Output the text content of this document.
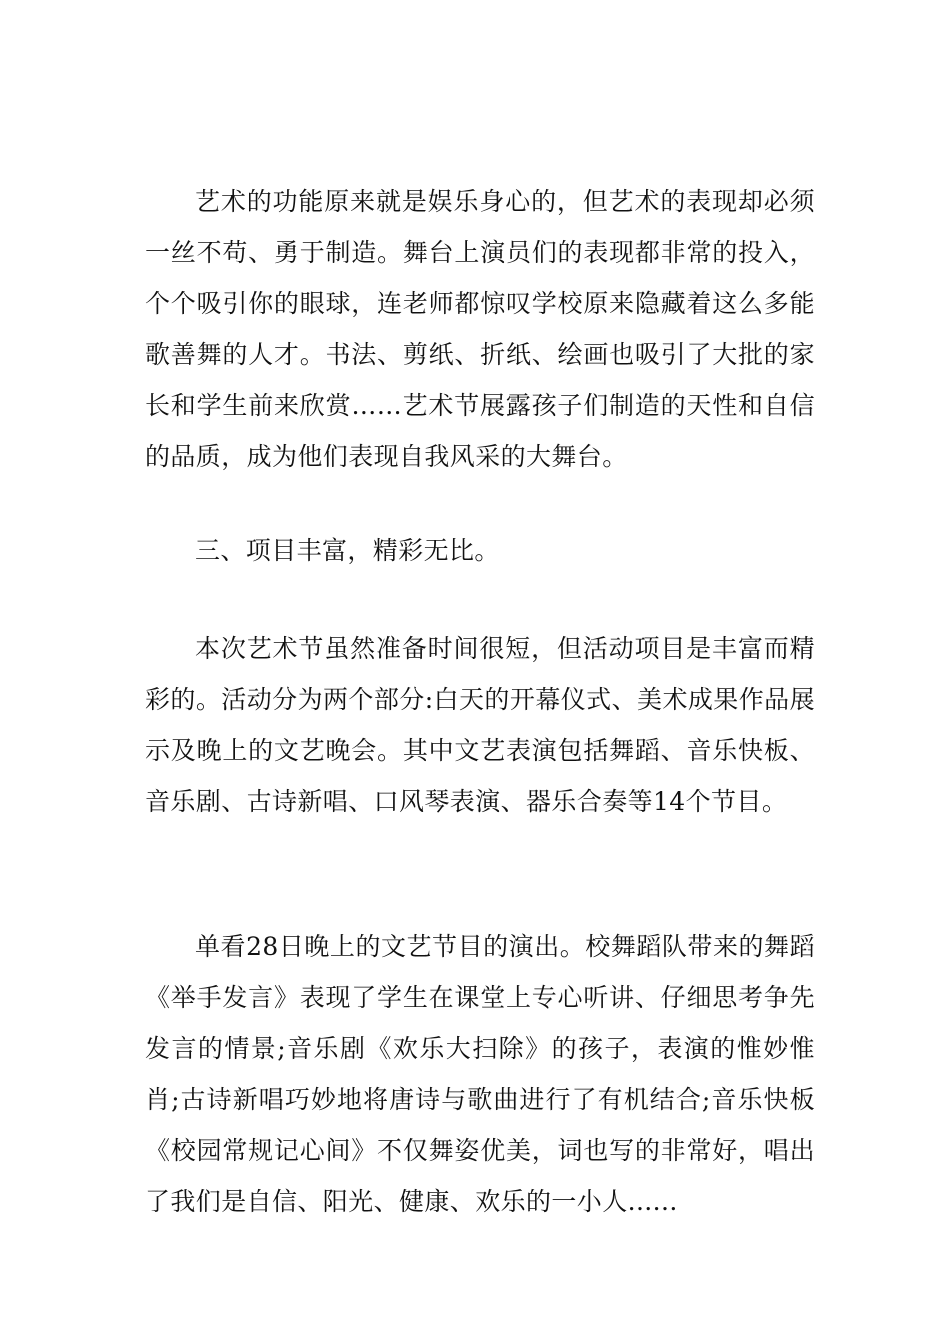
艺术的功能原来就是娱乐身心的，但艺术的表现却必须一丝不苟、勇于制造。舞台上演员们的表现都非常的投入，个个吸引你的眼球，连老师都惊叹学校原来隐藏着这么多能歌善舞的人才。书法、剪纸、折纸、绘画也吸引了大批的家长和学生前来欣赏……艺术节展露孩子们制造的天性和自信的品质，成为他们表现自我风采的大舞台。

三、项目丰富，精彩无比。

本次艺术节虽然准备时间很短，但活动项目是丰富而精彩的。活动分为两个部分:白天的开幕仪式、美术成果作品展示及晚上的文艺晚会。其中文艺表演包括舞蹈、音乐快板、音乐剧、古诗新唱、口风琴表演、器乐合奏等14个节目。

单看28日晚上的文艺节目的演出。校舞蹈队带来的舞蹈《举手发言》表现了学生在课堂上专心听讲、仔细思考争先发言的情景;音乐剧《欢乐大扫除》的孩子，表演的惟妙惟肖;古诗新唱巧妙地将唐诗与歌曲进行了有机结合;音乐快板《校园常规记心间》不仅舞姿优美，词也写的非常好，唱出了我们是自信、阳光、健康、欢乐的一小人......
